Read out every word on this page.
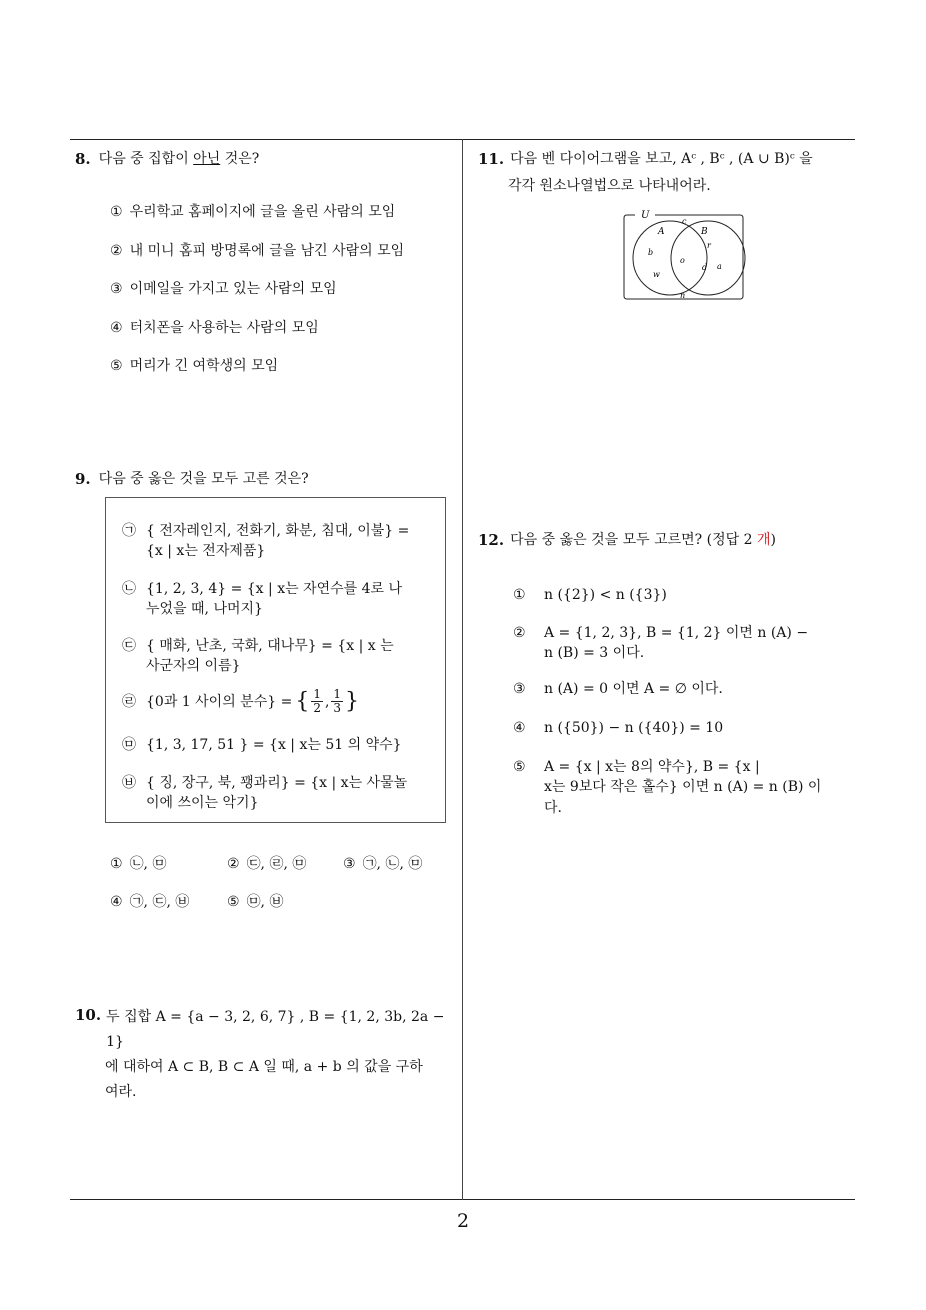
8. 다음 중 집합이 아닌 것은?
① 우리학교 홈페이지에 글을 올린 사람의 모임
② 내 미니 홈피 방명록에 글을 남긴 사람의 모임
③ 이메일을 가지고 있는 사람의 모임
④ 터치폰을 사용하는 사람의 모임
⑤ 머리가 긴 여학생의 모임
9. 다음 중 옳은 것을 모두 고른 것은?
㉠ { 전자레인지, 전화기, 화분, 침대, 이불} =
{x | x는 전자제품}
㉡ {1, 2, 3, 4} = {x | x는 자연수를 4로 나
누었을 때, 나머지}
㉢ { 매화, 난초, 국화, 대나무} = {x | x 는
사군자의 이름}
㉣ {0과 1 사이의 분수} = { $\frac{1}{2}$ , $\frac{1}{3}$ }
㉤ {1, 3, 17, 51 } = {x | x는 51 의 약수}
㉥ { 징, 장구, 북, 꽹과리} = {x | x는 사물놀
이에 쓰이는 악기}
① ㉡, ㉤	② ㉢, ㉣, ㉤	③ ㉠, ㉡, ㉤
④ ㉠, ㉢, ㉥	⑤ ㉤, ㉥
10. 두 집합 A = {a − 3, 2, 6, 7} , B = {1, 2, 3b, 2a − 1}
에 대하여 A ⊂ B, B ⊂ A 일 때, a + b 의 값을 구하
여라.
11. 다음 벤 다이어그램을 보고, Aᶜ , Bᶜ , (A ∪ B)ᶜ 을
각각 원소나열법으로 나타내어라.
U
A	B
c
b
w
o
r
d a
n
12. 다음 중 옳은 것을 모두 고르면? (정답 2 개)
①	n ({2}) < n ({3})
②	A = {1, 2, 3}, B = {1, 2} 이면 n (A) −
n (B) = 3 이다.
③	n (A) = 0 이면 A = ∅ 이다.
④	n ({50}) − n ({40}) = 10
⑤	A = {x | x는 8의 약수}, B = {x |
x는 9보다 작은 홀수} 이면 n (A) = n (B) 이
다.
2
